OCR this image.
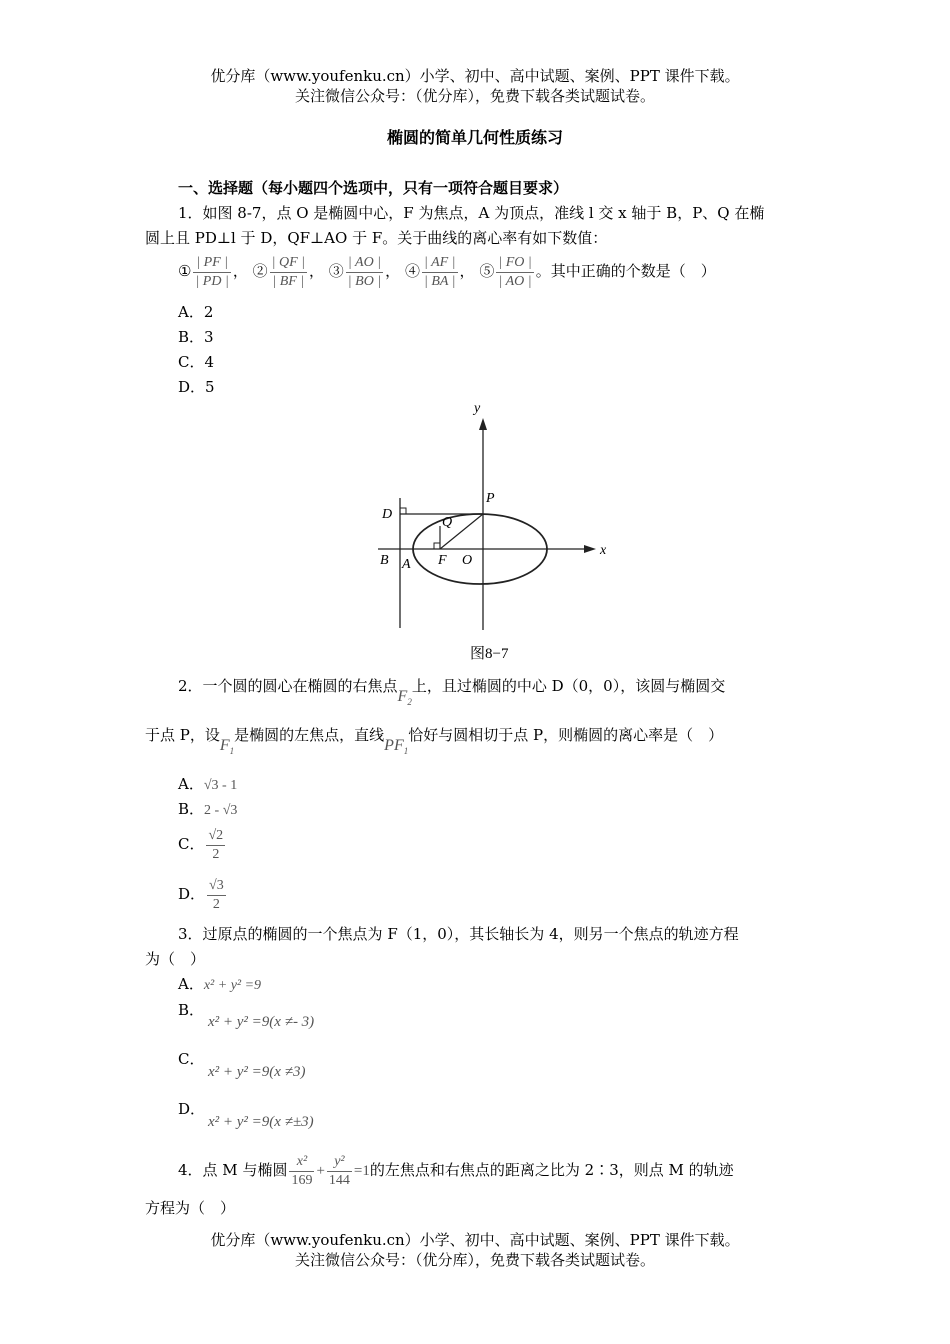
优分库（www.youfenku.cn）小学、初中、高中试题、案例、PPT 课件下载。
关注微信公众号：（优分库），免费下载各类试题试卷。
椭圆的简单几何性质练习
一、选择题（每小题四个选项中，只有一项符合题目要求）
1．如图 8-7，点 O 是椭圆中心，F 为焦点，A 为顶点，准线 l 交 x 轴于 B，P、Q 在椭
圆上且 PD⊥l 于 D，QF⊥AO 于 F。关于曲线的离心率有如下数值：
① $\frac{| PF |}{| PD |}$ ， ② $\frac{| QF |}{| BF |}$ ， ③ $\frac{| AO |}{| BO |}$ ， ④ $\frac{| AF |}{| BA |}$ ， ⑤ $\frac{| FO |}{| AO |}$ 。其中正确的个数是（　）
A．2
B．3
C．4
D．5
y
x
P
D
Q
B A F O
图8−7
2．一个圆的圆心在椭圆的右焦点$F_2$上，且过椭圆的中心 D（0，0），该圆与椭圆交
于点 P，设$F_1$是椭圆的左焦点，直线$PF_1$恰好与圆相切于点 P，则椭圆的离心率是（　）
A．√3 - 1
B．2 - √3
C． $\frac{√2}{2}$
D． $\frac{√3}{2}$
3．过原点的椭圆的一个焦点为 F（1，0），其长轴长为 4，则另一个焦点的轨迹方程
为（　）
A．x² + y² =9
B．
x² + y² =9(x ≠- 3)
C．
x² + y² =9(x ≠3)
D．
x² + y² =9(x ≠±3)
4．点 M 与椭圆 $\frac{\text{x²}}{169} + \frac{\text{y²}}{144} =1$的左焦点和右焦点的距离之比为 2∶3，则点 M 的轨迹
方程为（　）
优分库（www.youfenku.cn）小学、初中、高中试题、案例、PPT 课件下载。
关注微信公众号：（优分库），免费下载各类试题试卷。
